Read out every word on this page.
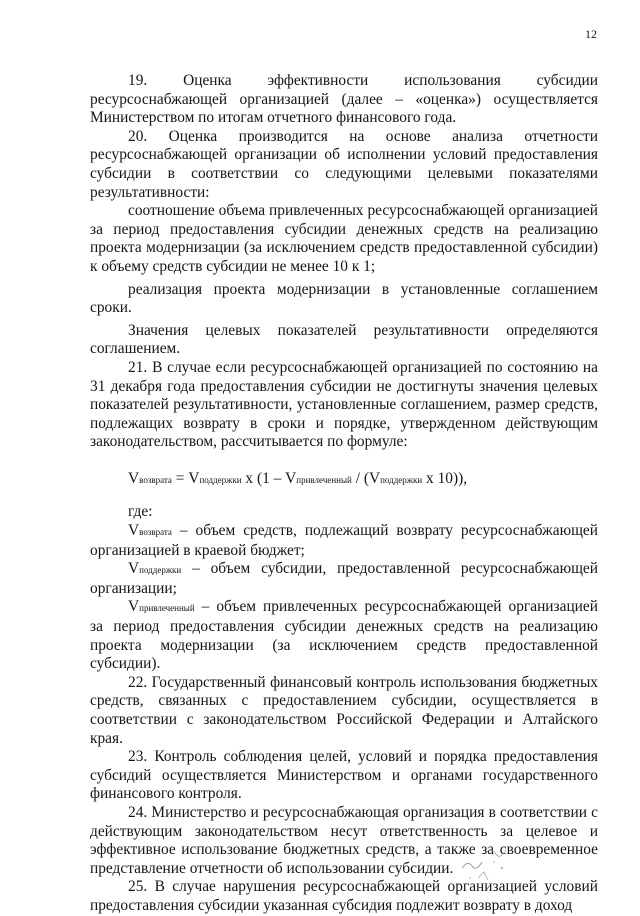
12

19. Оценка эффективности использования субсидии ресурсоснабжающей организацией (далее – «оценка») осуществляется Министерством по итогам отчетного финансового года.

20. Оценка производится на основе анализа отчетности ресурсоснабжающей организации об исполнении условий предоставления субсидии в соответствии со следующими целевыми показателями результативности:

соотношение объема привлеченных ресурсоснабжающей организацией за период предоставления субсидии денежных средств на реализацию проекта модернизации (за исключением средств предоставленной субсидии) к объему средств субсидии не менее 10 к 1;

реализация проекта модернизации в установленные соглашением сроки.

Значения целевых показателей результативности определяются соглашением.

21. В случае если ресурсоснабжающей организацией по состоянию на 31 декабря года предоставления субсидии не достигнуты значения целевых показателей результативности, установленные соглашением, размер средств, подлежащих возврату в сроки и порядке, утвержденном действующим законодательством, рассчитывается по формуле:

Vвозврата = Vподдержки х (1 – Vпривлеченный / (Vподдержки х 10)),

где:

Vвозврата – объем средств, подлежащий возврату ресурсоснабжающей организацией в краевой бюджет;

Vподдержки – объем субсидии, предоставленной ресурсоснабжающей организации;

Vпривлеченный – объем привлеченных ресурсоснабжающей организацией за период предоставления субсидии денежных средств на реализацию проекта модернизации (за исключением средств предоставленной субсидии).

22. Государственный финансовый контроль использования бюджетных средств, связанных с предоставлением субсидии, осуществляется в соответствии с законодательством Российской Федерации и Алтайского края.

23. Контроль соблюдения целей, условий и порядка предоставления субсидий осуществляется Министерством и органами государственного финансового контроля.

24. Министерство и ресурсоснабжающая организация в соответствии с действующим законодательством несут ответственность за целевое и эффективное использование бюджетных средств, а также за своевременное представление отчетности об использовании субсидии.

25. В случае нарушения ресурсоснабжающей организацией условий предоставления субсидии указанная субсидия подлежит возврату в доход
